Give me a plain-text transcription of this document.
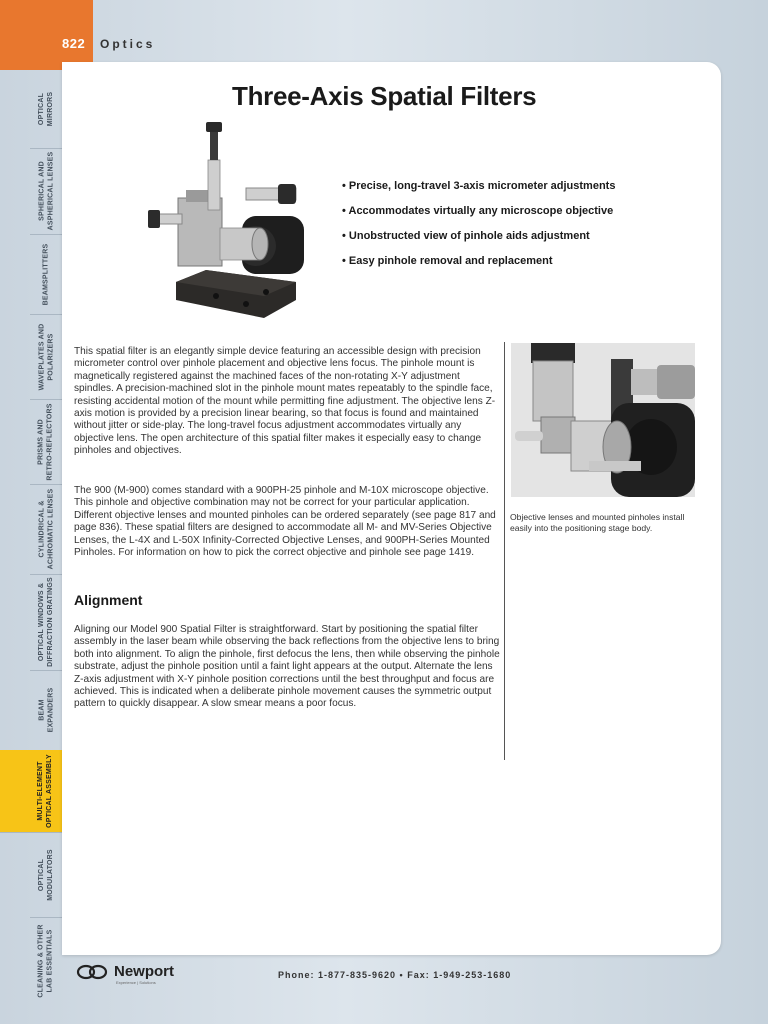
822 Optics
OPTICAL
MIRRORS
SPHERICAL AND
ASPHERICAL LENSES
BEAMSPLITTERS
WAVEPLATES AND
POLARIZERS
PRISMS AND
RETRO-REFLECTORS
CYLINDRICAL &
ACHROMATIC LENSES
OPTICAL WINDOWS &
DIFFRACTION GRATINGS
BEAM
EXPANDERS
MULTI-ELEMENT
OPTICAL ASSEMBLY
OPTICAL
MODULATORS
CLEANING & OTHER
LAB ESSENTIALS
Three-Axis Spatial Filters
• Precise, long-travel 3-axis micrometer adjustments
• Accommodates virtually any microscope objective
• Unobstructed view of pinhole aids adjustment
• Easy pinhole removal and replacement

This spatial filter is an elegantly simple device featuring an accessible design with precision micrometer control over pinhole placement and objective lens focus. The pinhole mount is magnetically registered against the machined faces of the non-rotating X-Y adjustment spindles. A precision-machined slot in the pinhole mount mates repeatably to the spindle face, resisting accidental motion of the mount while permitting fine adjustment. The objective lens Z-axis motion is provided by a precision linear bearing, so that focus is found and maintained without jitter or side-play. The long-travel focus adjustment accommodates virtually any objective lens. The open architecture of this spatial filter makes it especially easy to change pinholes and objectives.

The 900 (M-900) comes standard with a 900PH-25 pinhole and M-10X microscope objective. This pinhole and objective combination may not be correct for your particular application. Different objective lenses and mounted pinholes can be ordered separately (see page 817 and page 836). These spatial filters are designed to accommodate all M- and MV-Series Objective Lenses, the L-4X and L-50X Infinity-Corrected Objective Lenses, and 900PH-Series Mounted Pinholes. For information on how to pick the correct objective and pinhole see page 1419.

Alignment

Aligning our Model 900 Spatial Filter is straightforward. Start by positioning the spatial filter assembly in the laser beam while observing the back reflections from the objective lens to bring both into alignment. To align the pinhole, first defocus the lens, then while observing the pinhole substrate, adjust the pinhole position until a faint light appears at the output. Alternate the lens Z-axis adjustment with X-Y pinhole position corrections until the best throughput and focus are achieved. This is indicated when a deliberate pinhole movement causes the symmetric output pattern to quickly disappear. A slow smear means a poor focus.

Objective lenses and mounted pinholes install easily into the positioning stage body.
Newport
Experience | Solutions
Phone: 1-877-835-9620 • Fax: 1-949-253-1680
